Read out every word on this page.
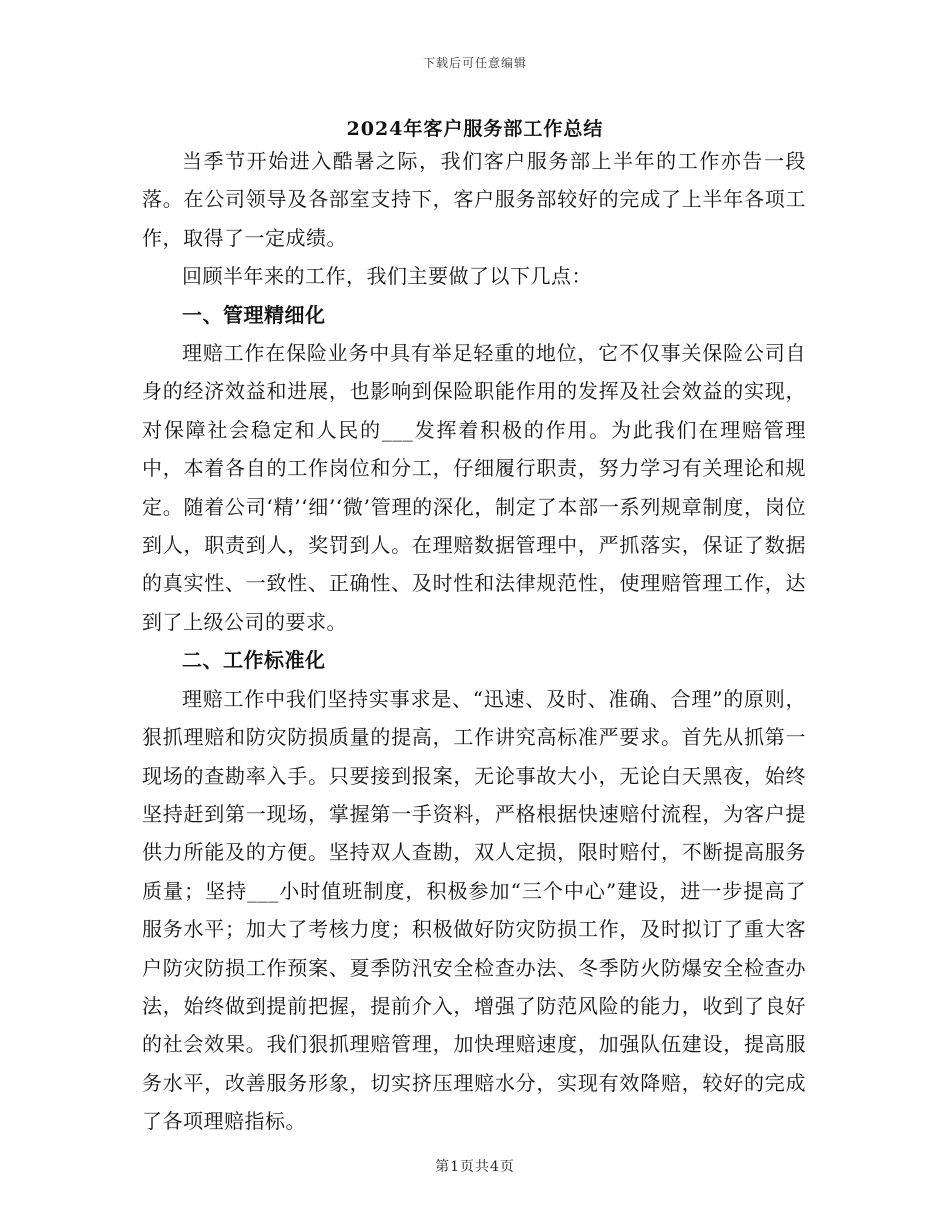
下载后可任意编辑
2024年客户服务部工作总结

当季节开始进入酷暑之际，我们客户服务部上半年的工作亦告一段落。在公司领导及各部室支持下，客户服务部较好的完成了上半年各项工作，取得了一定成绩。

回顾半年来的工作，我们主要做了以下几点：

一、管理精细化

理赔工作在保险业务中具有举足轻重的地位，它不仅事关保险公司自身的经济效益和进展，也影响到保险职能作用的发挥及社会效益的实现，对保障社会稳定和人民的___发挥着积极的作用。为此我们在理赔管理中，本着各自的工作岗位和分工，仔细履行职责，努力学习有关理论和规定。随着公司‘精’‘细’‘微’管理的深化，制定了本部一系列规章制度，岗位到人，职责到人，奖罚到人。在理赔数据管理中，严抓落实，保证了数据的真实性、一致性、正确性、及时性和法律规范性，使理赔管理工作，达到了上级公司的要求。

二、工作标准化

理赔工作中我们坚持实事求是、“迅速、及时、准确、合理”的原则，狠抓理赔和防灾防损质量的提高，工作讲究高标准严要求。首先从抓第一现场的查勘率入手。只要接到报案，无论事故大小，无论白天黑夜，始终坚持赶到第一现场，掌握第一手资料，严格根据快速赔付流程，为客户提供力所能及的方便。坚持双人查勘，双人定损，限时赔付，不断提高服务质量；坚持___小时值班制度，积极参加“三个中心”建设，进一步提高了服务水平；加大了考核力度；积极做好防灾防损工作，及时拟订了重大客户防灾防损工作预案、夏季防汛安全检查办法、冬季防火防爆安全检查办法，始终做到提前把握，提前介入，增强了防范风险的能力，收到了良好的社会效果。我们狠抓理赔管理，加快理赔速度，加强队伍建设，提高服务水平，改善服务形象，切实挤压理赔水分，实现有效降赔，较好的完成了各项理赔指标。

第1页共4页
